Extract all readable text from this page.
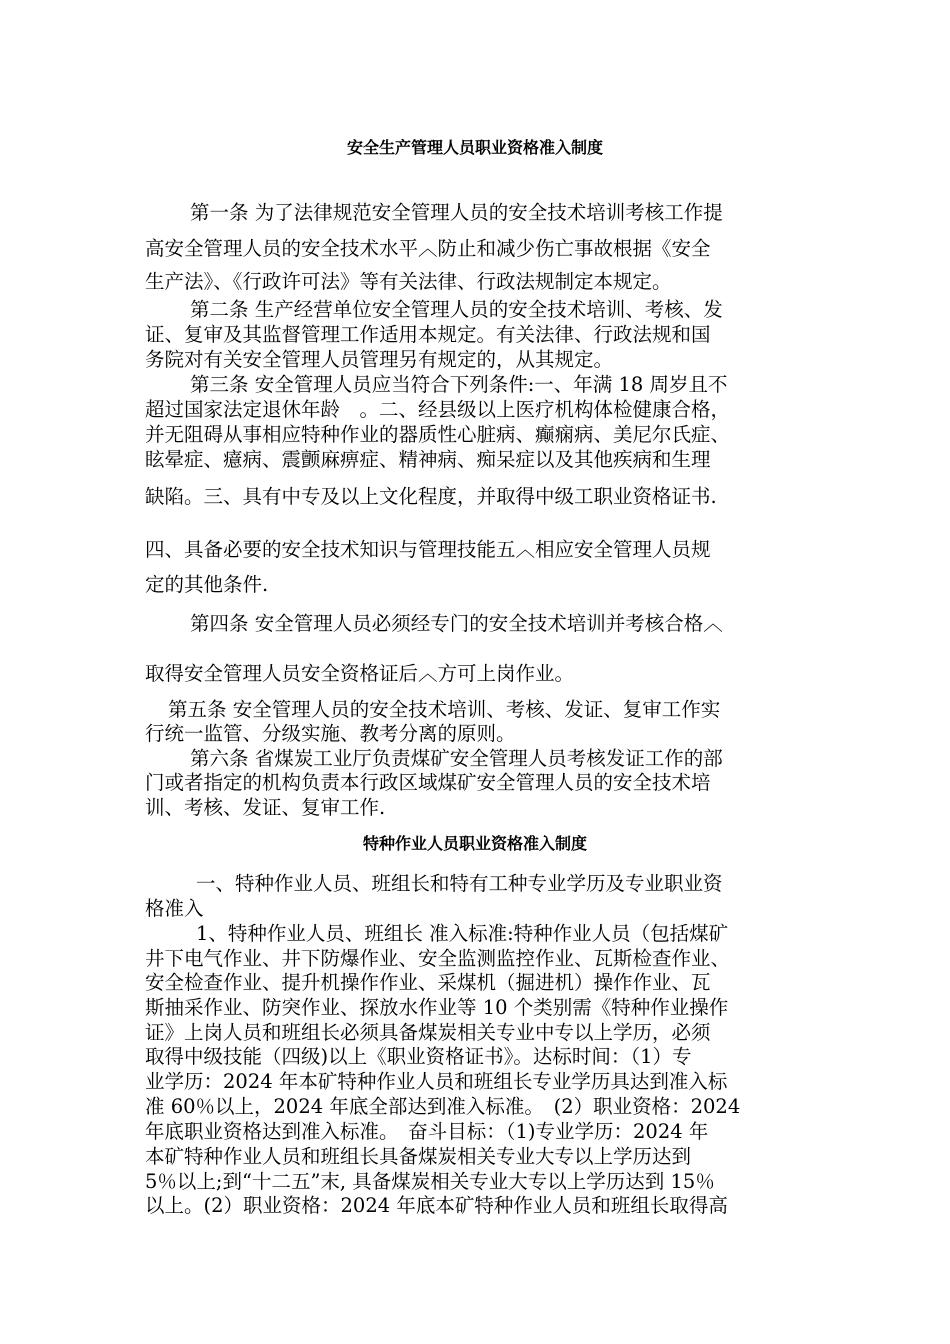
安全生产管理人员职业资格准入制度

第一条 为了法律规范安全管理人员的安全技术培训考核工作提

高安全管理人员的安全技术水平︿防止和减少伤亡事故根据《安全

生产法》、《行政许可法》等有关法律、行政法规制定本规定。

第二条 生产经营单位安全管理人员的安全技术培训、考核、发

证、复审及其监督管理工作适用本规定。有关法律、行政法规和国

务院对有关安全管理人员管理另有规定的，从其规定。

第三条 安全管理人员应当符合下列条件:一、年满 18 周岁且不

超过国家法定退休年龄　。二、经县级以上医疗机构体检健康合格，

并无阻碍从事相应特种作业的器质性心脏病、癫痫病、美尼尔氏症、

眩晕症、癔病、震颤麻痹症、精神病、痴呆症以及其他疾病和生理

缺陷。三、具有中专及以上文化程度，并取得中级工职业资格证书.

四、具备必要的安全技术知识与管理技能五︿相应安全管理人员规

定的其他条件.

第四条 安全管理人员必须经专门的安全技术培训并考核合格︿

取得安全管理人员安全资格证后︿方可上岗作业。

第五条 安全管理人员的安全技术培训、考核、发证、复审工作实

行统一监管、分级实施、教考分离的原则。

第六条 省煤炭工业厅负责煤矿安全管理人员考核发证工作的部

门或者指定的机构负责本行政区域煤矿安全管理人员的安全技术培

训、考核、发证、复审工作.

特种作业人员职业资格准入制度

一、特种作业人员、班组长和特有工种专业学历及专业职业资

格准入

1、特种作业人员、班组长 准入标准:特种作业人员（包括煤矿

井下电气作业、井下防爆作业、安全监测监控作业、瓦斯检查作业、

安全检查作业、提升机操作作业、采煤机（掘进机）操作作业、瓦

斯抽采作业、防突作业、探放水作业等 10 个类别需《特种作业操作

证》上岗人员和班组长必须具备煤炭相关专业中专以上学历，必须

取得中级技能（四级)以上《职业资格证书》。达标时间：（1）专

业学历：2024 年本矿特种作业人员和班组长专业学历具达到准入标

准 60％以上，2024 年底全部达到准入标准。　(2）职业资格：2024

年底职业资格达到准入标准。　奋斗目标：（1)专业学历：2024 年

本矿特种作业人员和班组长具备煤炭相关专业大专以上学历达到

5％以上;到“十二五”末, 具备煤炭相关专业大专以上学历达到 15％

以上。(2）职业资格：2024 年底本矿特种作业人员和班组长取得高
